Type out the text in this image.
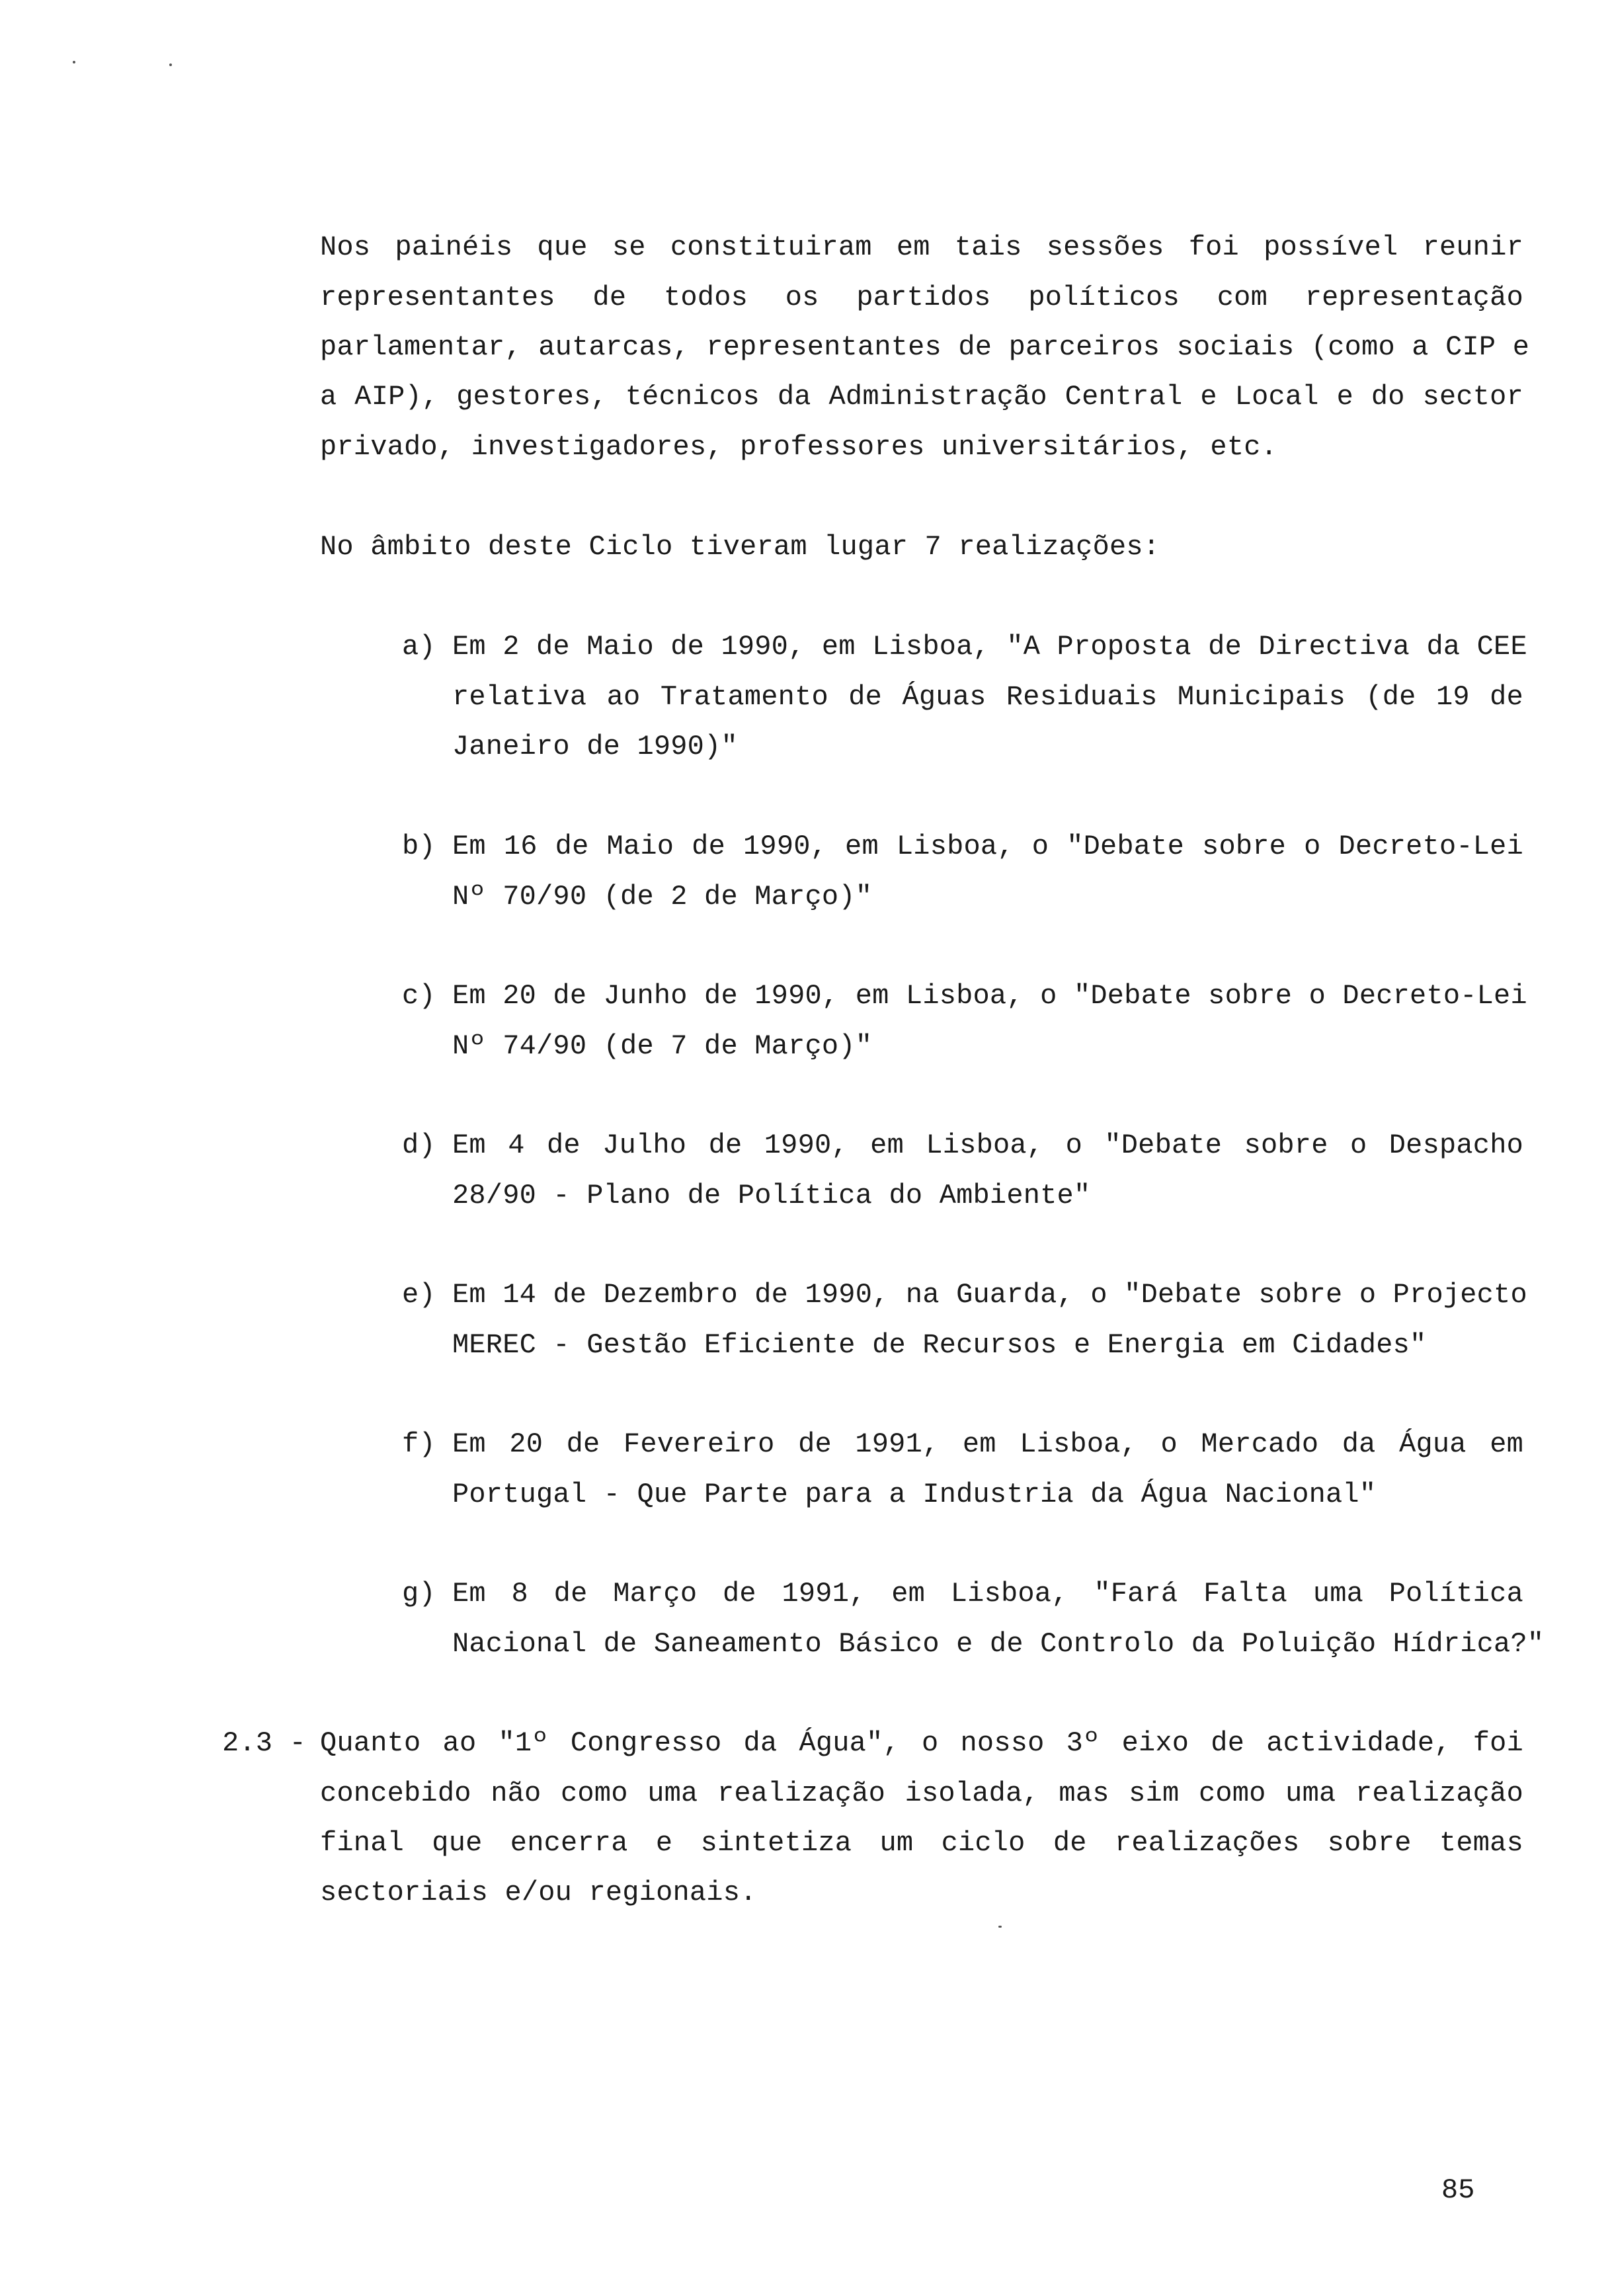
Nos painéis que se constituiram em tais sessões foi possível reunir
representantes de todos os partidos políticos com representação
parlamentar, autarcas, representantes de parceiros sociais (como a CIP e
a AIP), gestores, técnicos da Administração Central e Local e do sector
privado, investigadores, professores universitários, etc.
No âmbito deste Ciclo tiveram lugar 7 realizações:
a) Em 2 de Maio de 1990, em Lisboa, "A Proposta de Directiva da CEE
relativa ao Tratamento de Águas Residuais Municipais (de 19 de
Janeiro de 1990)"
b) Em 16 de Maio de 1990, em Lisboa, o "Debate sobre o Decreto-Lei
Nº 70/90 (de 2 de Março)"
c) Em 20 de Junho de 1990, em Lisboa, o "Debate sobre o Decreto-Lei
Nº 74/90 (de 7 de Março)"
d) Em 4 de Julho de 1990, em Lisboa, o "Debate sobre o Despacho
28/90 - Plano de Política do Ambiente"
e) Em 14 de Dezembro de 1990, na Guarda, o "Debate sobre o Projecto
MEREC - Gestão Eficiente de Recursos e Energia em Cidades"
f) Em 20 de Fevereiro de 1991, em Lisboa, o Mercado da Água em
Portugal - Que Parte para a Industria da Água Nacional"
g) Em 8 de Março de 1991, em Lisboa, "Fará Falta uma Política
Nacional de Saneamento Básico e de Controlo da Poluição Hídrica?"
2.3 - Quanto ao "1º Congresso da Água", o nosso 3º eixo de actividade, foi
concebido não como uma realização isolada, mas sim como uma realização
final que encerra e sintetiza um ciclo de realizações sobre temas
sectoriais e/ou regionais.
85
